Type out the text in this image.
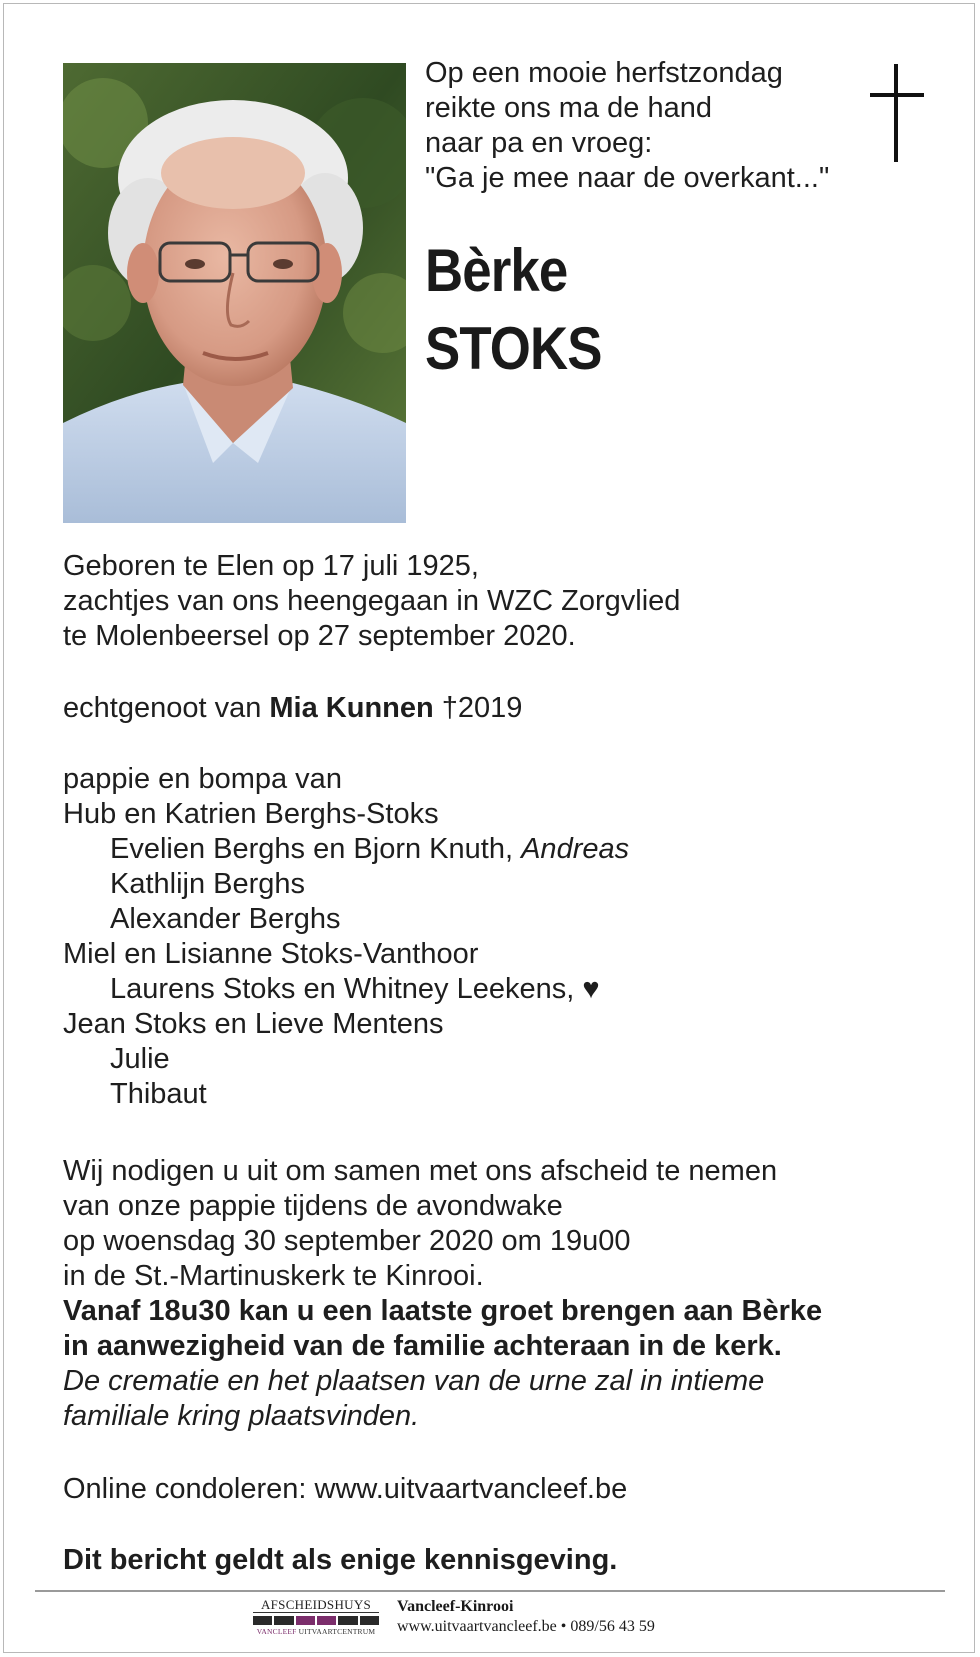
Op een mooie herfstzondag
reikte ons ma de hand
naar pa en vroeg:
"Ga je mee naar de overkant..."
Bèrke
STOKS
Geboren te Elen op 17 juli 1925,
zachtjes van ons heengegaan in WZC Zorgvlied
te Molenbeersel op 27 september 2020.
echtgenoot van Mia Kunnen †2019
pappie en bompa van
Hub en Katrien Berghs-Stoks
Evelien Berghs en Bjorn Knuth, Andreas
Kathlijn Berghs
Alexander Berghs
Miel en Lisianne Stoks-Vanthoor
Laurens Stoks en Whitney Leekens, ♥
Jean Stoks en Lieve Mentens
Julie
Thibaut
Wij nodigen u uit om samen met ons afscheid te nemen
van onze pappie tijdens de avondwake
op woensdag 30 september 2020 om 19u00
in de St.-Martinuskerk te Kinrooi.
Vanaf 18u30 kan u een laatste groet brengen aan Bèrke
in aanwezigheid van de familie achteraan in de kerk.
De crematie en het plaatsen van de urne zal in intieme
familiale kring plaatsvinden.
Online condoleren: www.uitvaartvancleef.be
Dit bericht geldt als enige kennisgeving.
AFSCHEIDSHUYS
VANCLEEF UITVAARTCENTRUM
Vancleef-Kinrooi
www.uitvaartvancleef.be • 089/56 43 59
